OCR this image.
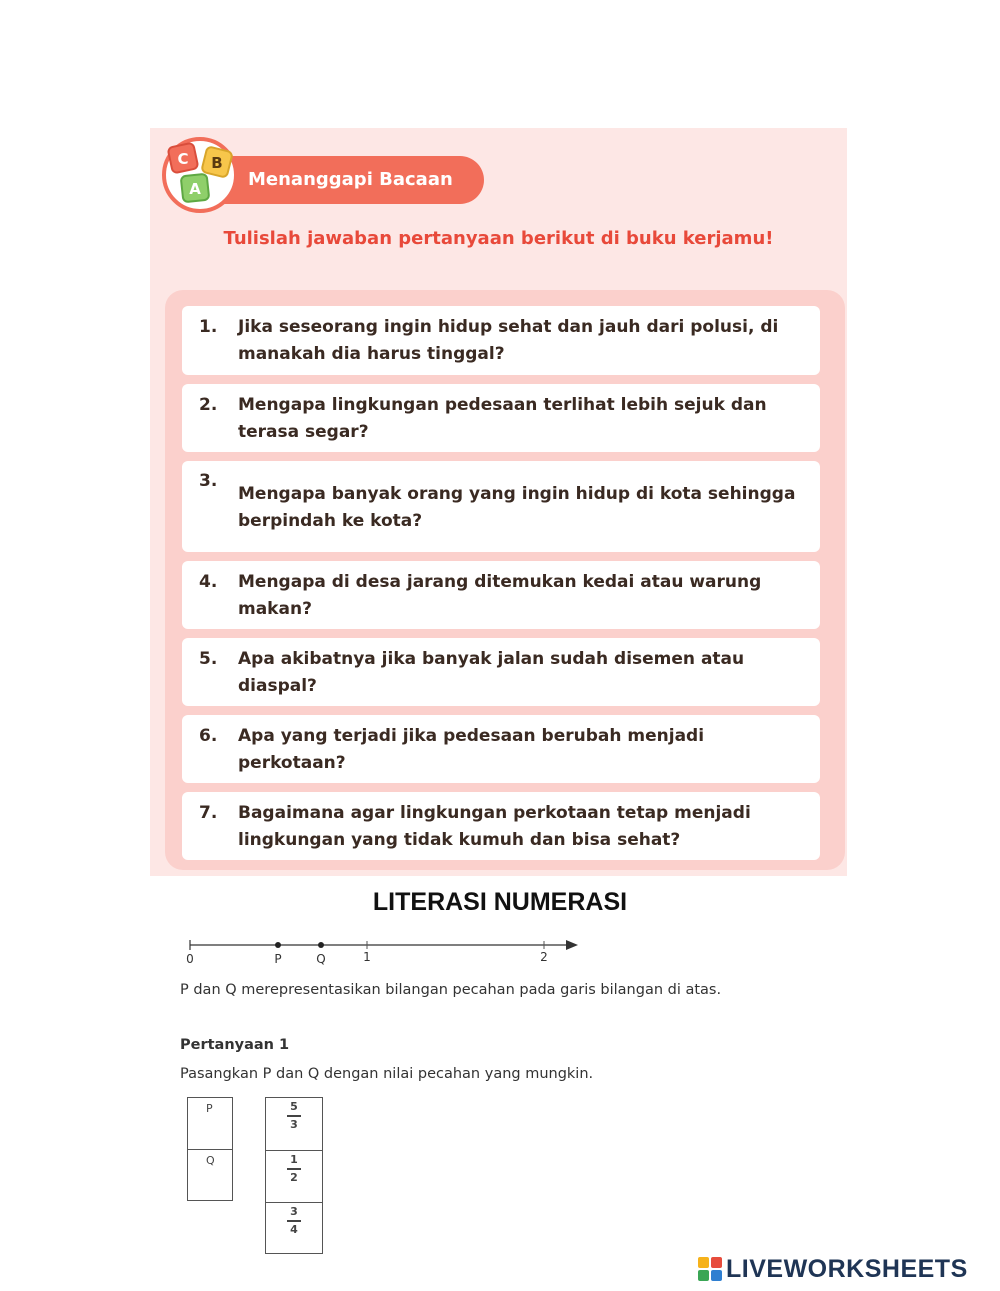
Menanggapi Bacaan
C B
A
Tulislah jawaban pertanyaan berikut di buku kerjamu!
1. Jika seseorang ingin hidup sehat dan jauh dari polusi, di manakah dia harus tinggal?
2. Mengapa lingkungan pedesaan terlihat lebih sejuk dan terasa segar?
3.
Mengapa banyak orang yang ingin hidup di kota sehingga berpindah ke kota?
4. Mengapa di desa jarang ditemukan kedai atau warung makan?
5. Apa akibatnya jika banyak jalan sudah disemen atau diaspal?
6. Apa yang terjadi jika pedesaan berubah menjadi perkotaan?
7. Bagaimana agar lingkungan perkotaan tetap menjadi lingkungan yang tidak kumuh dan bisa sehat?
LITERASI NUMERASI
0	P	Q	1	2
P dan Q merepresentasikan bilangan pecahan pada garis bilangan di atas.
Pertanyaan 1
Pasangkan P dan Q dengan nilai pecahan yang mungkin.
P
Q
5
3
1
2
3
4
LIVEWORKSHEETS
